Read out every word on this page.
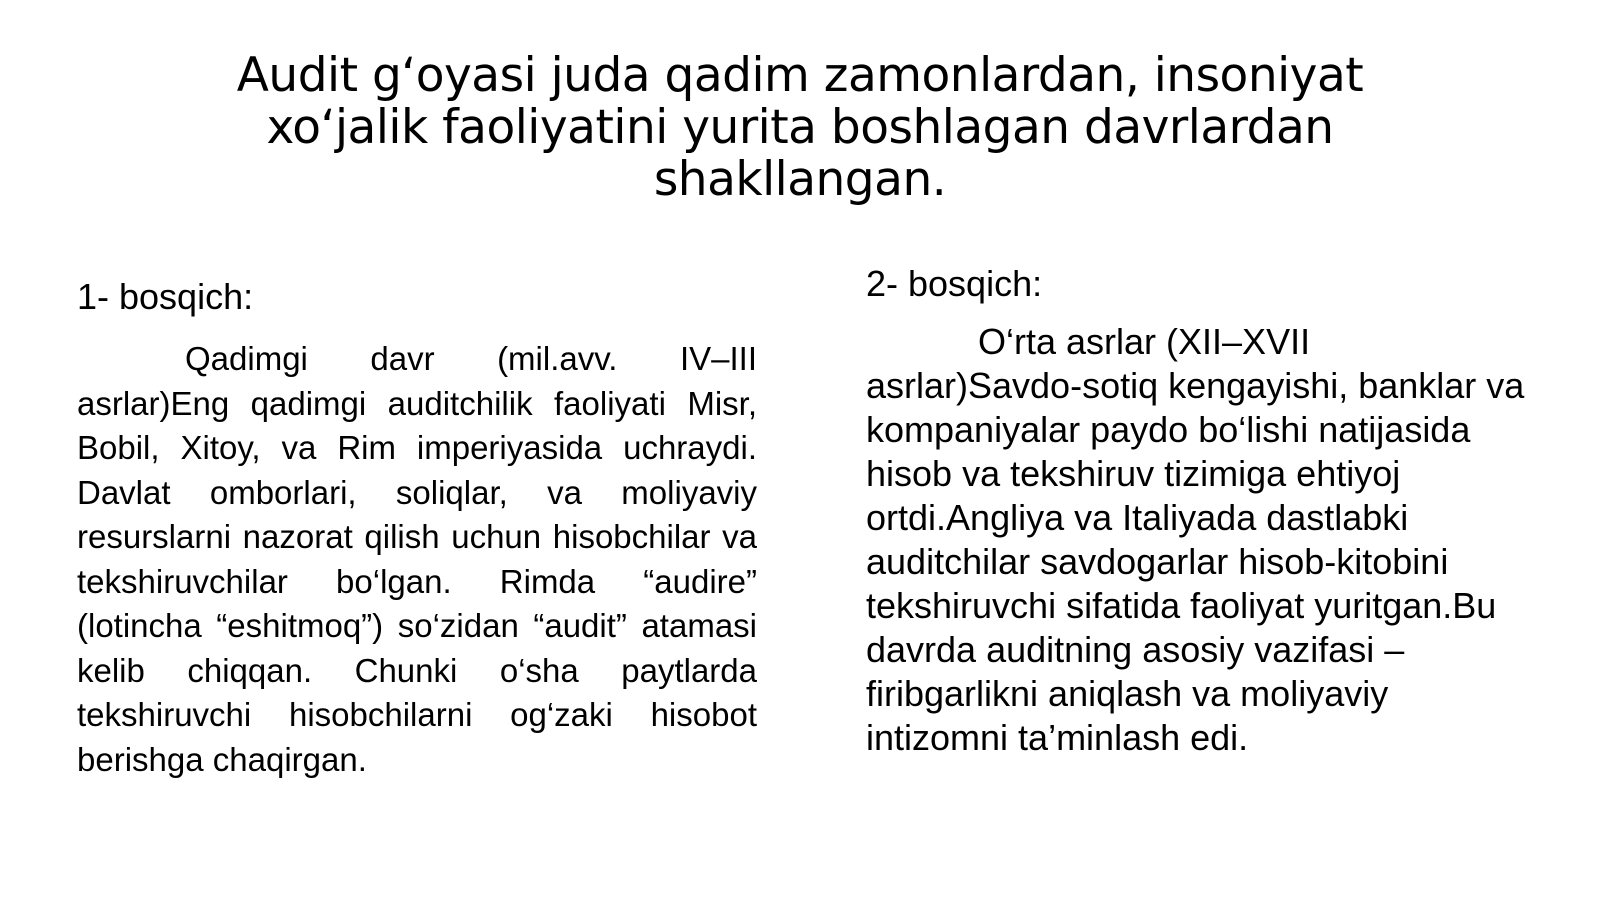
Audit g‘oyasi juda qadim zamonlardan, insoniyat xo‘jalik faoliyatini yurita boshlagan davrlardan shakllangan.

1- bosqich:

Qadimgi davr (mil.avv. IV–III asrlar)Eng qadimgi auditchilik faoliyati Misr, Bobil, Xitoy, va Rim imperiyasida uchraydi. Davlat omborlari, soliqlar, va moliyaviy resurslarni nazorat qilish uchun hisobchilar va tekshiruvchilar bo‘lgan. Rimda “audire” (lotincha “eshitmoq”) so‘zidan “audit” atamasi kelib chiqqan. Chunki o‘sha paytlarda tekshiruvchi hisobchilarni og‘zaki hisobot berishga chaqirgan.

2- bosqich:

O‘rta asrlar (XII–XVII asrlar)Savdo-sotiq kengayishi, banklar va kompaniyalar paydo bo‘lishi natijasida hisob va tekshiruv tizimiga ehtiyoj ortdi.Angliya va Italiyada dastlabki auditchilar savdogarlar hisob-kitobini tekshiruvchi sifatida faoliyat yuritgan.Bu davrda auditning asosiy vazifasi – firibgarlikni aniqlash va moliyaviy intizomni ta’minlash edi.
